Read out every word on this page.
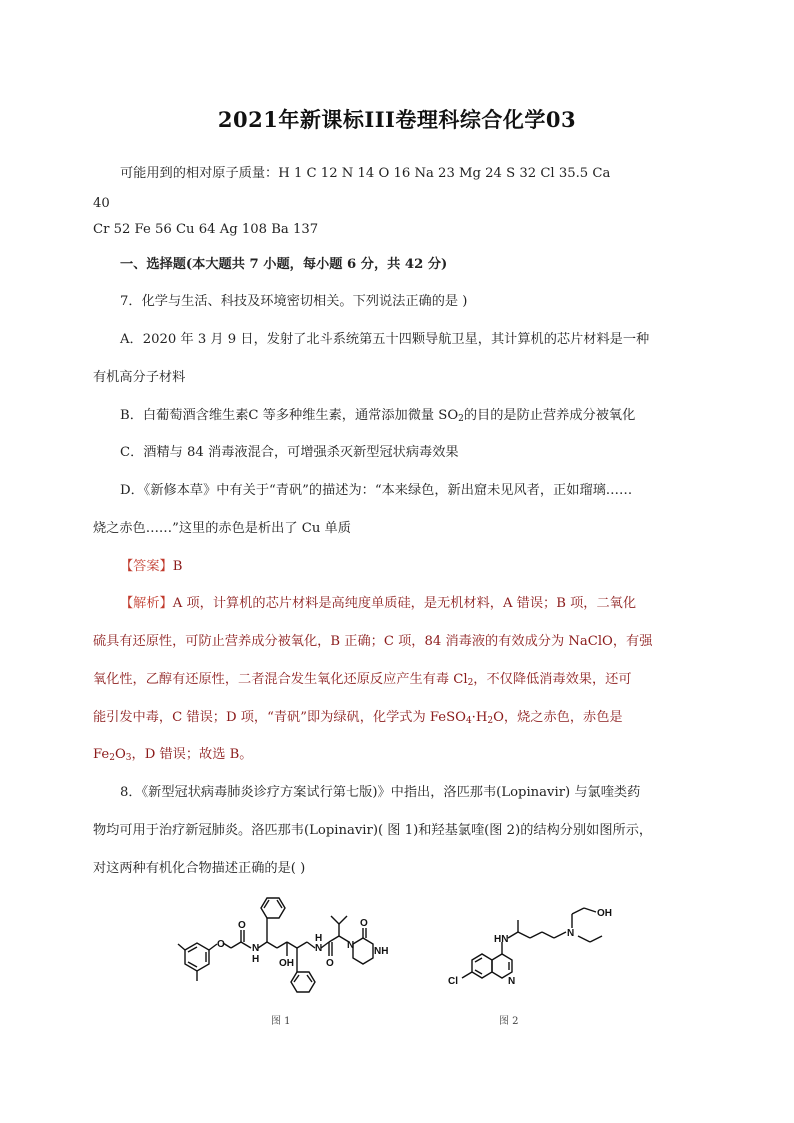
2021年新课标III卷理科综合化学03
可能用到的相对原子质量：H 1 C 12 N 14 O 16 Na 23 Mg 24 S 32 Cl 35.5 Ca
40
Cr 52 Fe 56 Cu 64 Ag 108 Ba 137
一、选择题(本大题共 7 小题，每小题 6 分，共 42 分)
7．化学与生活、科技及环境密切相关。下列说法正确的是 )
A．2020 年 3 月 9 日，发射了北斗系统第五十四颗导航卫星，其计算机的芯片材料是一种
有机高分子材料
B．白葡萄酒含维生素C 等多种维生素，通常添加微量 $SO_2$的目的是防止营养成分被氧化
C．酒精与 84 消毒液混合，可增强杀灭新型冠状病毒效果
D．《新修本草》中有关于“青矾”的描述为：“本来绿色，新出窟未见风者，正如瑠璃……
烧之赤色……”这里的赤色是析出了 Cu 单质
【答案】B
【解析】A 项，计算机的芯片材料是高纯度单质硅，是无机材料，A 错误；B 项，二氧化
硫具有还原性，可防止营养成分被氧化，B 正确；C 项，84 消毒液的有效成分为 NaClO，有强
氧化性，乙醇有还原性，二者混合发生氧化还原反应产生有毒 $Cl_2$，不仅降低消毒效果，还可
能引发中毒，C 错误；D 项，“青矾”即为绿矾，化学式为 $FeSO_4\cdot H_2O$，烧之赤色，赤色是
$Fe_2O_3$，D 错误；故选 B。
8．《新型冠状病毒肺炎诊疗方案试行第七版)》中指出，洛匹那韦(Lopinavir) 与氯喹类药
物均可用于治疗新冠肺炎。洛匹那韦(Lopinavir)( 图 1)和羟基氯喹(图 2)的结构分别如图所示，
对这两种有机化合物描述正确的是( )
O
O
N
H OH
N
H
O
N
O
NH
图 1
HN
N
OH
Cl	N
图 2
